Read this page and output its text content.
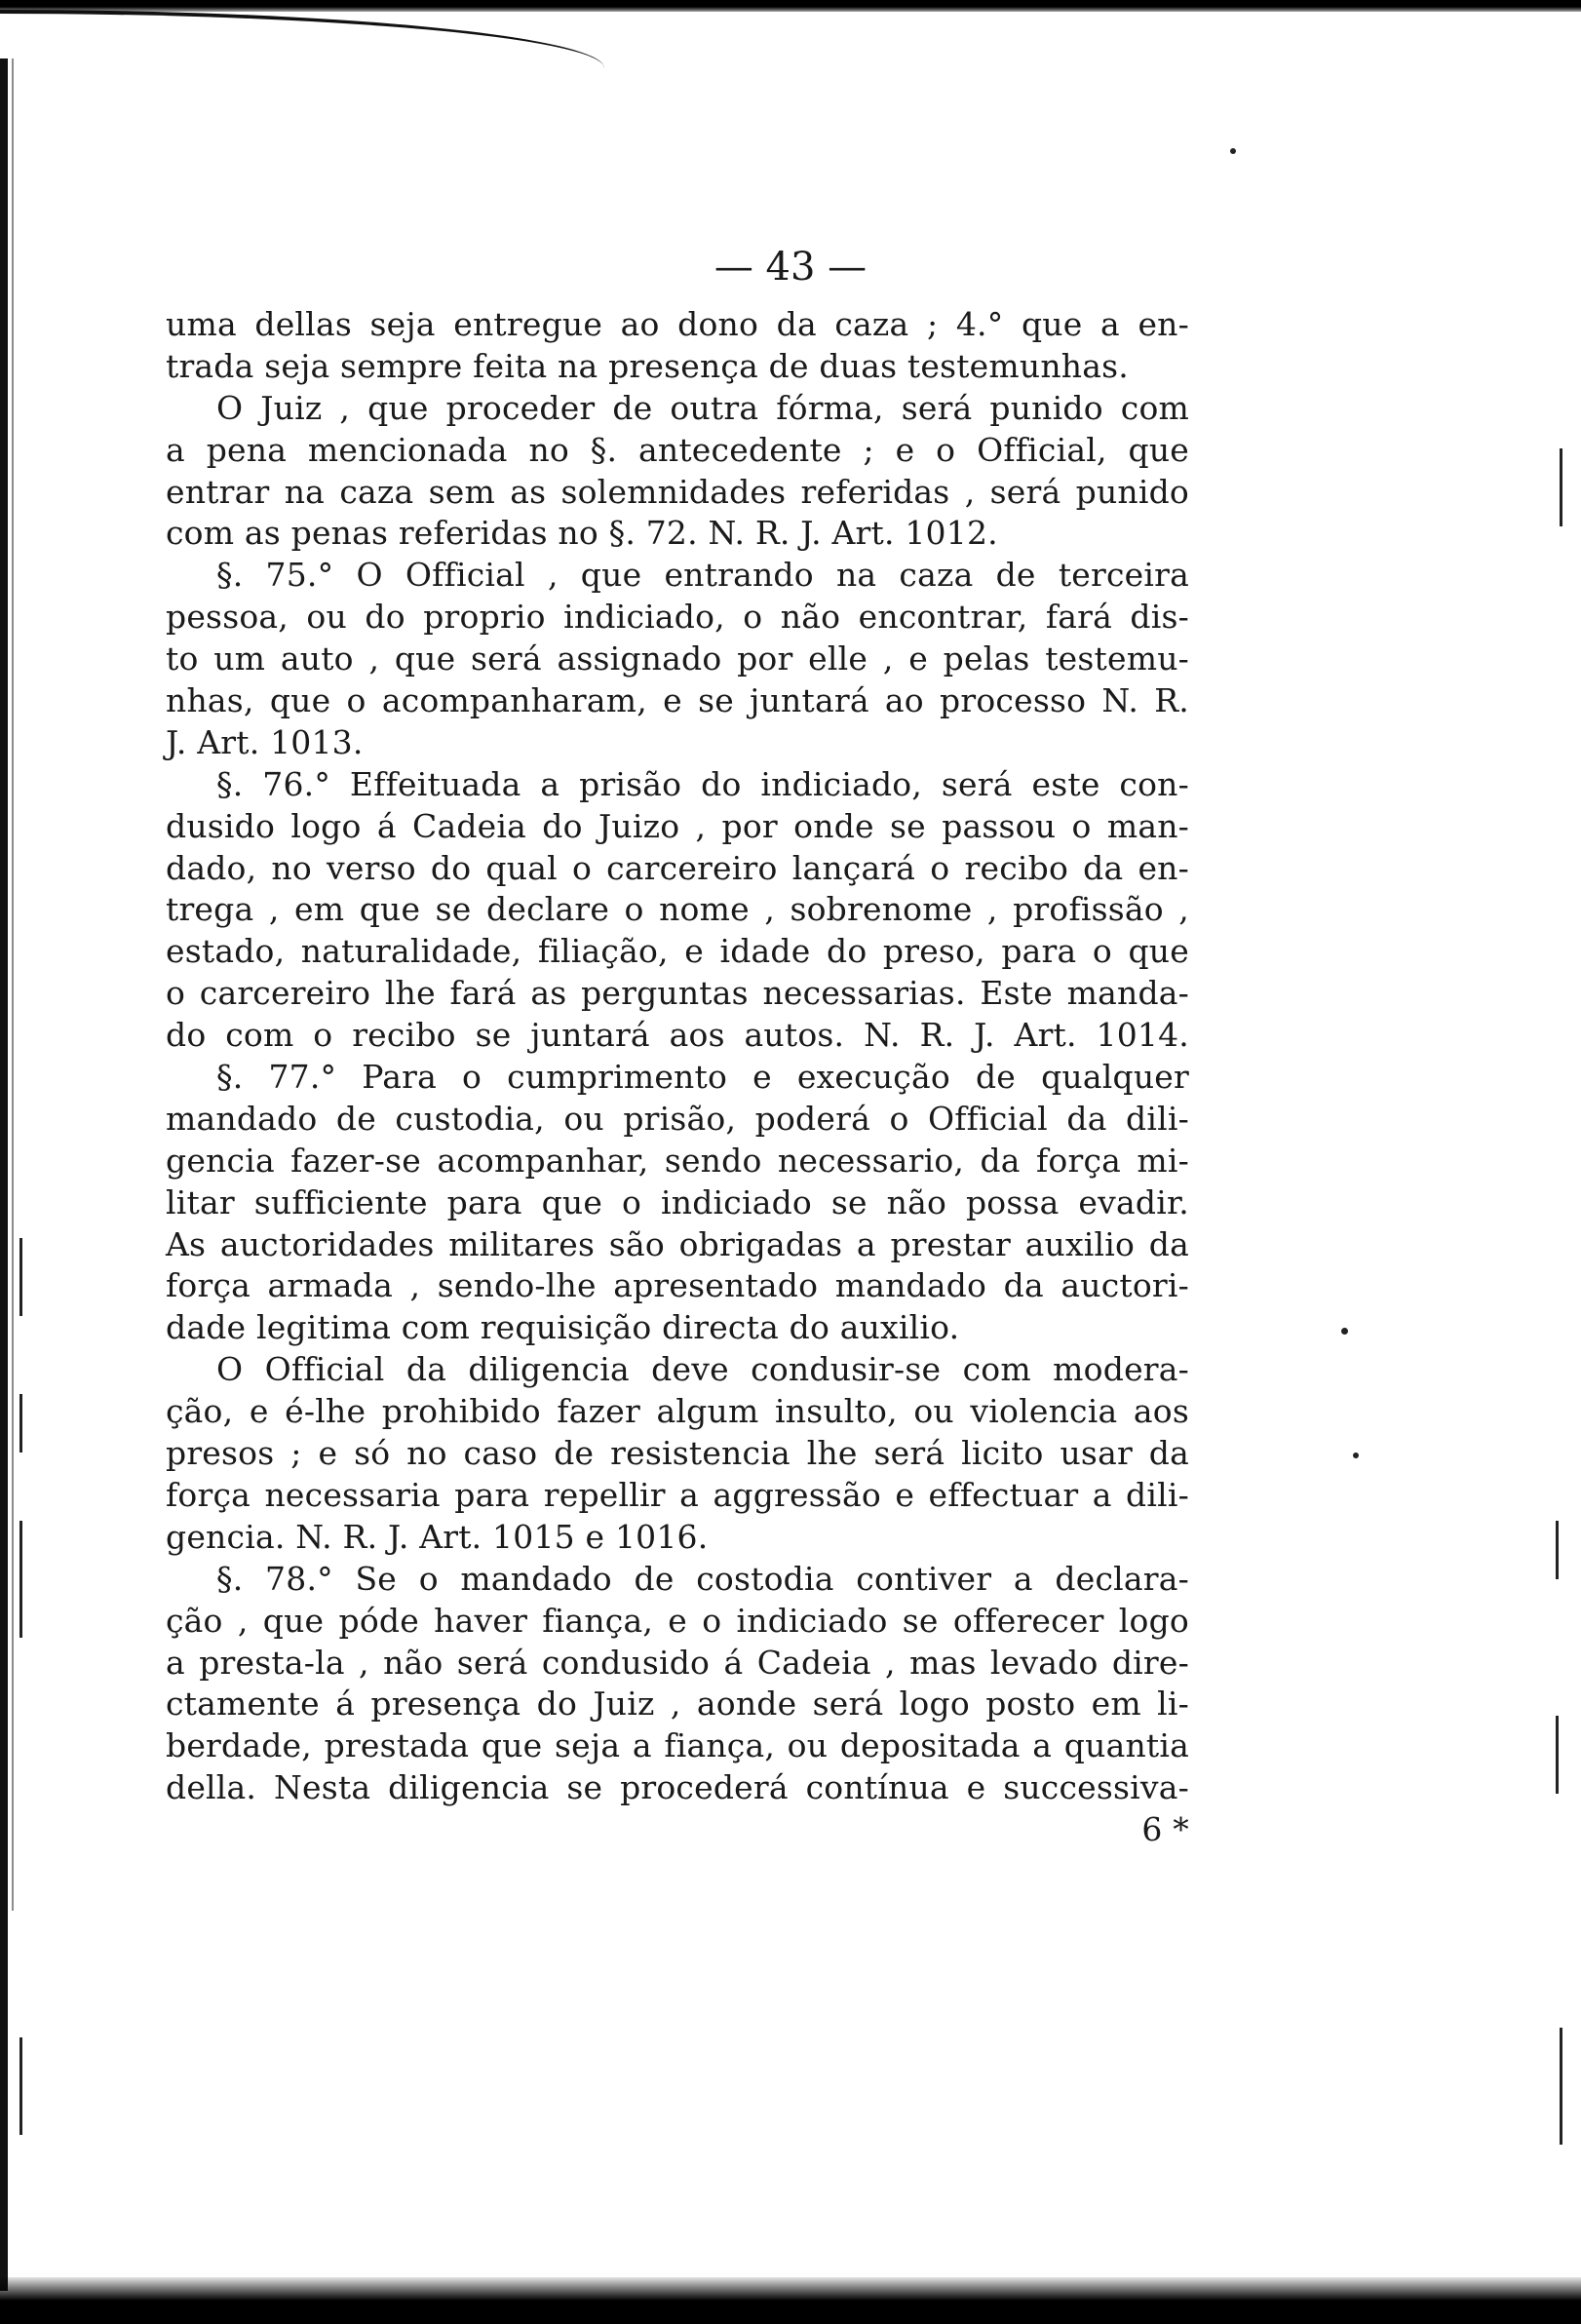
— 43 —
uma dellas seja entregue ao dono da caza ; 4.° que a en-
trada seja sempre feita na presença de duas testemunhas.
O Juiz , que proceder de outra fórma, será punido com
a pena mencionada no §. antecedente ; e o Official, que
entrar na caza sem as solemnidades referidas , será punido
com as penas referidas no §. 72. N. R. J. Art. 1012.
§. 75.° O Official , que entrando na caza de terceira
pessoa, ou do proprio indiciado, o não encontrar, fará dis-
to um auto , que será assignado por elle , e pelas testemu-
nhas, que o acompanharam, e se juntará ao processo N. R.
J. Art. 1013.
§. 76.° Effeituada a prisão do indiciado, será este con-
dusido logo á Cadeia do Juizo , por onde se passou o man-
dado, no verso do qual o carcereiro lançará o recibo da en-
trega , em que se declare o nome , sobrenome , profissão ,
estado, naturalidade, filiação, e idade do preso, para o que
o carcereiro lhe fará as perguntas necessarias. Este manda-
do com o recibo se juntará aos autos. N. R. J. Art. 1014.
§. 77.° Para o cumprimento e execução de qualquer
mandado de custodia, ou prisão, poderá o Official da dili-
gencia fazer-se acompanhar, sendo necessario, da força mi-
litar sufficiente para que o indiciado se não possa evadir.
As auctoridades militares são obrigadas a prestar auxilio da
força armada , sendo-lhe apresentado mandado da auctori-
dade legitima com requisição directa do auxilio.
O Official da diligencia deve condusir-se com modera-
ção, e é-lhe prohibido fazer algum insulto, ou violencia aos
presos ; e só no caso de resistencia lhe será licito usar da
força necessaria para repellir a aggressão e effectuar a dili-
gencia. N. R. J. Art. 1015 e 1016.
§. 78.° Se o mandado de costodia contiver a declara-
ção , que póde haver fiança, e o indiciado se offerecer logo
a presta-la , não será condusido á Cadeia , mas levado dire-
ctamente á presença do Juiz , aonde será logo posto em li-
berdade, prestada que seja a fiança, ou depositada a quantia
della. Nesta diligencia se procederá contínua e successiva-
6 *
